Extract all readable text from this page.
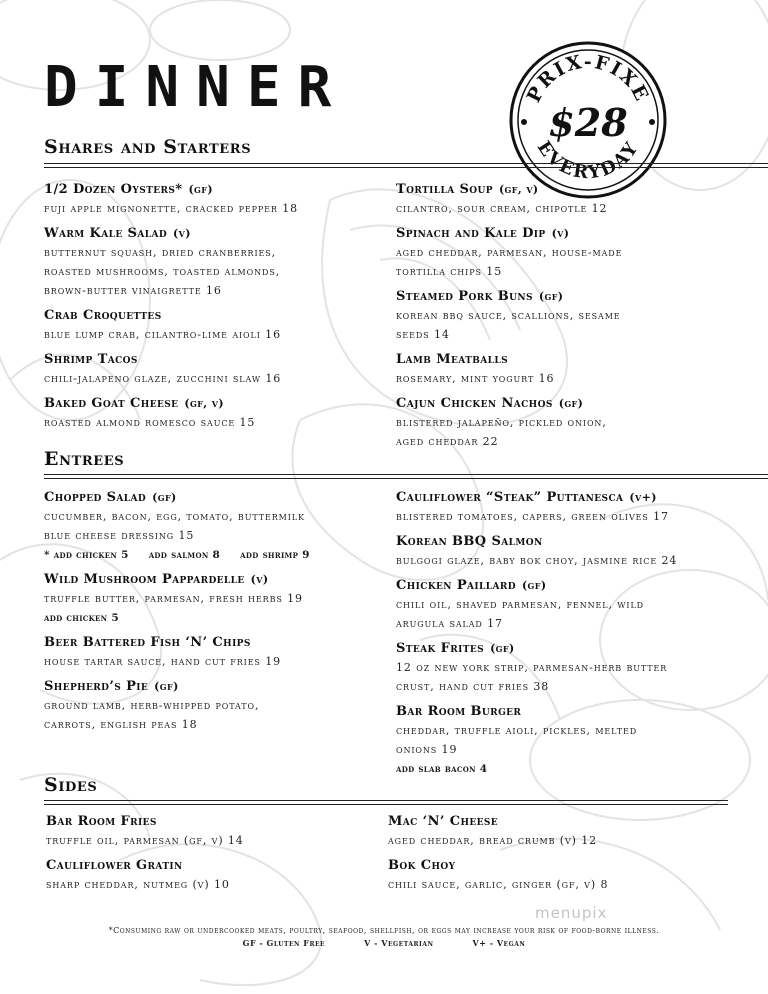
DINNER	PRIX-FIXE
$28
EVERYDAY
Shares and Starters
1/2 Dozen Oysters* (gf)
fuji apple mignonette, cracked pepper 18
Warm Kale Salad (v)
butternut squash, dried cranberries,
roasted mushrooms, toasted almonds,
brown-butter vinaigrette 16
Crab Croquettes
blue lump crab, cilantro-lime aioli 16
Shrimp Tacos
chili-jalapeno glaze, zucchini slaw 16
Baked Goat Cheese (gf, v)
roasted almond romesco sauce 15
Tortilla Soup (gf, v)
cilantro, sour cream, chipotle 12
Spinach and Kale Dip (v)
aged cheddar, parmesan, house-made
tortilla chips 15
Steamed Pork Buns (gf)
korean bbq sauce, scallions, sesame
seeds 14
Lamb Meatballs
rosemary, mint yogurt 16
Cajun Chicken Nachos (gf)
blistered jalapeño, pickled onion,
aged cheddar 22
Entrees
Chopped Salad (gf)
cucumber, bacon, egg, tomato, buttermilk
blue cheese dressing 15
* add chicken 5 add salmon 8 add shrimp 9
Wild Mushroom Pappardelle (v)
truffle butter, parmesan, fresh herbs 19
add chicken 5
Beer Battered Fish ‘N’ Chips
house tartar sauce, hand cut fries 19
Shepherd’s Pie (gf)
ground lamb, herb-whipped potato,
carrots, english peas 18
Cauliflower “Steak” Puttanesca (v+)
blistered tomatoes, capers, green olives 17
Korean BBQ Salmon
bulgogi glaze, baby bok choy, jasmine rice 24
Chicken Paillard (gf)
chili oil, shaved parmesan, fennel, wild
arugula salad 17
Steak Frites (gf)
12 oz new york strip, parmesan-herb butter
crust, hand cut fries 38
Bar Room Burger
cheddar, truffle aioli, pickles, melted
onions 19
add slab bacon 4
Sides
Bar Room Fries
truffle oil, parmesan (gf, v) 14
Cauliflower Gratin
sharp cheddar, nutmeg (v) 10
Mac ‘N’ Cheese
aged cheddar, bread crumb (v) 12
Bok Choy
chili sauce, garlic, ginger (gf, v) 8
menupix
*Consuming raw or undercooked meats, poultry, seafood, shellfish, or eggs may increase your risk of food-borne illness.
GF - Gluten Free	V - Vegetarian	V+ - Vegan
